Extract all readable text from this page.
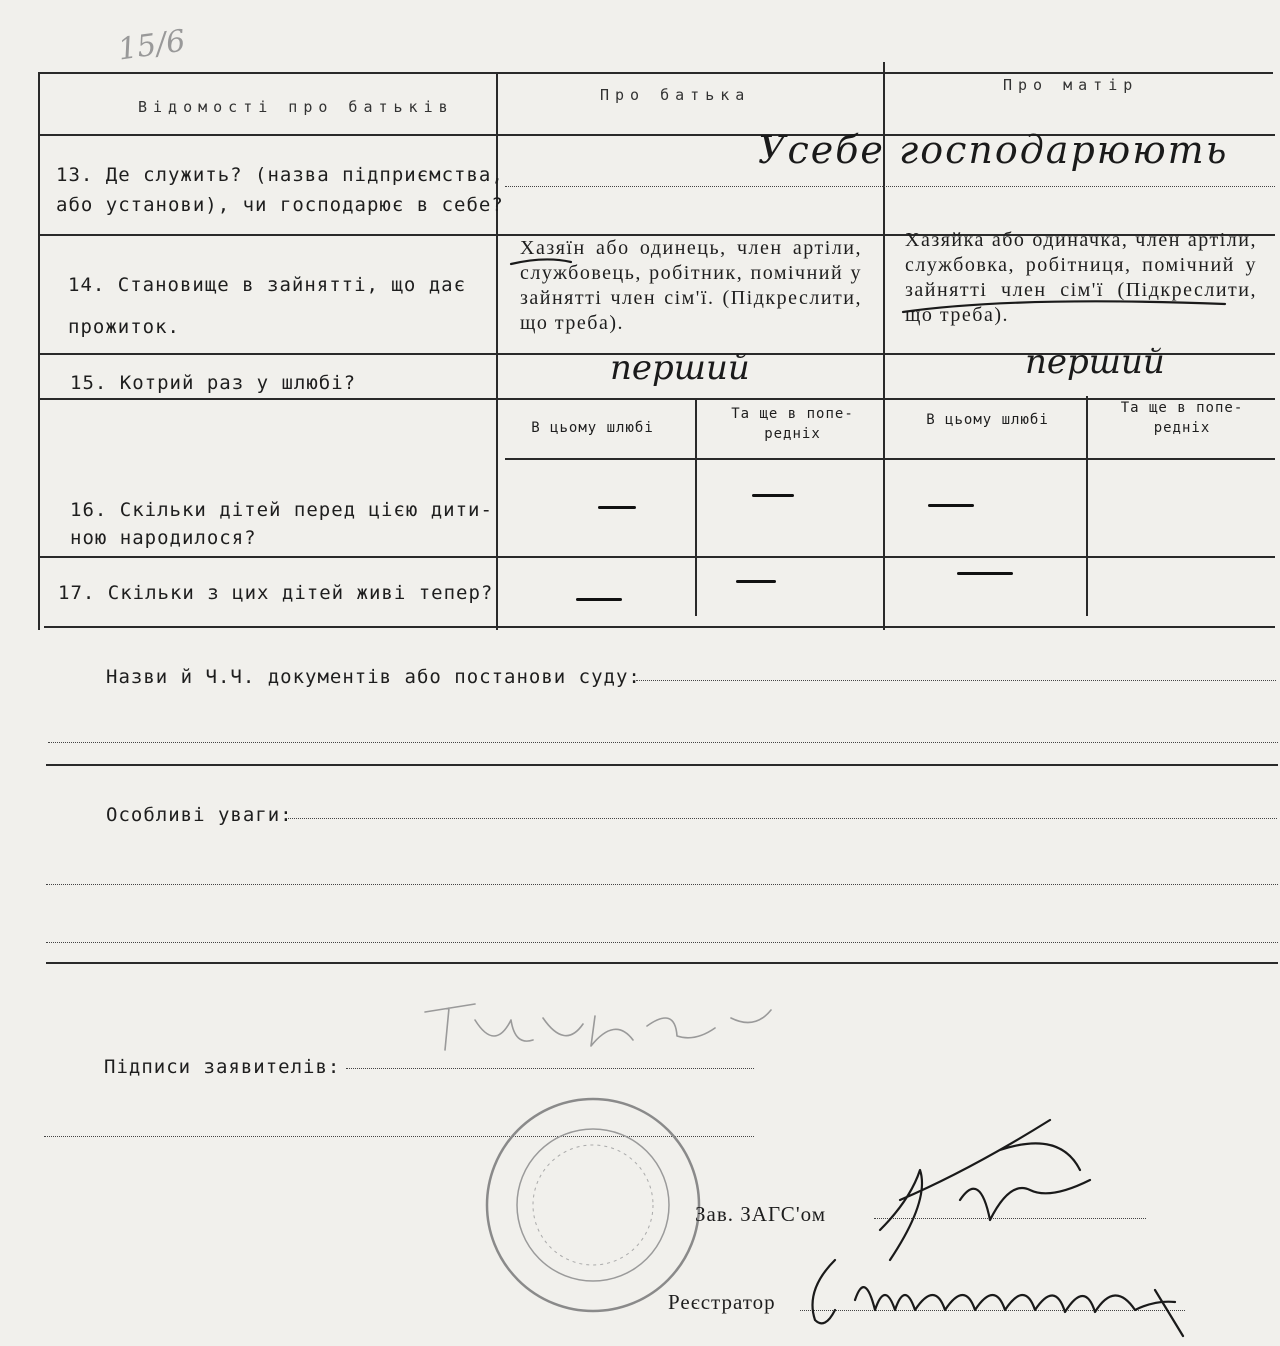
15/6
Відомості про батьків
Про батька
Про матір
13. Де служить? (назва підприємства,
або установи), чи господарює в себе?
Усебе господарюють
14. Становище в зайнятті, що дає
прожиток.
Хазяїн або одинець, член артіли, службовець, робітник, помічний у зайнятті член сім'ї. (Підкреслити, що треба).
Хазяйка або одиначка, член артіли, службовка, робітниця, помічний у зайнятті член сім'ї (Підкреслити, що треба).
15. Котрий раз у шлюбі?	перший	перший
В цьому шлюбі
Та ще в попе-
редніх
В цьому шлюбі
Та ще в попе-
редніх
16. Скільки дітей перед цією дити-
ною народилося?
17. Скільки з цих дітей живі тепер?
Назви й Ч.Ч. документів або постанови суду:
Особливі уваги:
Підписи заявителів:
Зав. ЗАГС'ом
Реєстратор
